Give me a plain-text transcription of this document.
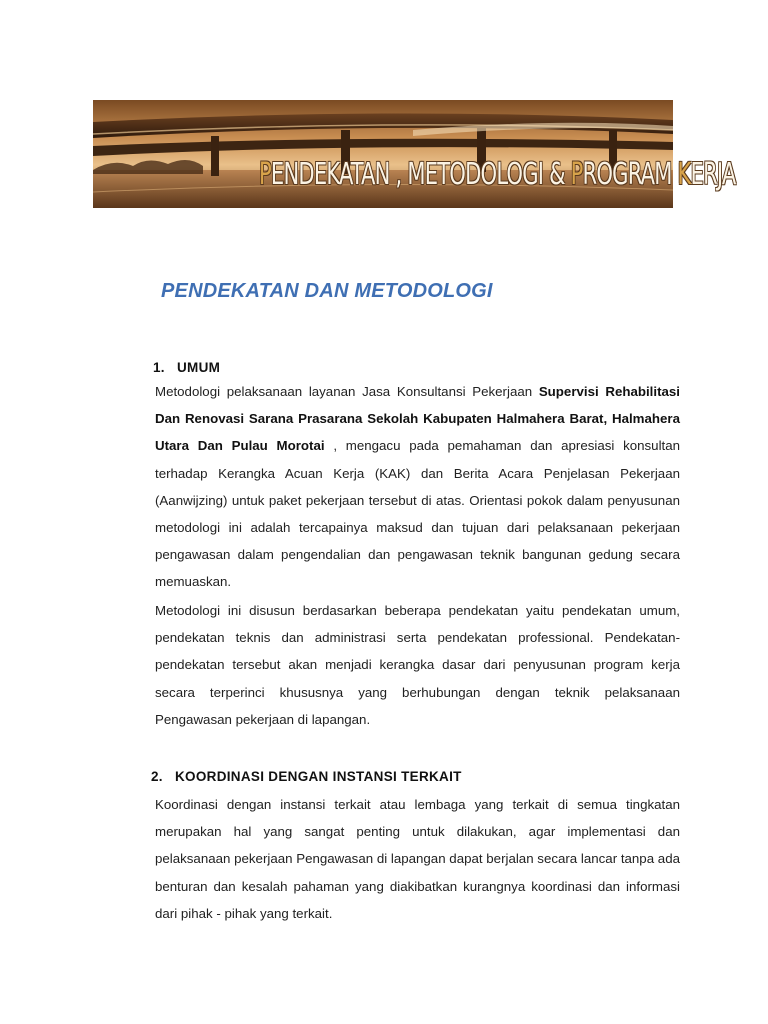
PENDEKATAN , METODOLOGI & PROGRAM KERJA
PENDEKATAN DAN METODOLOGI
1. UMUM
Metodologi pelaksanaan layanan Jasa Konsultansi Pekerjaan Supervisi Rehabilitasi Dan Renovasi Sarana Prasarana Sekolah Kabupaten Halmahera Barat, Halmahera Utara Dan Pulau Morotai , mengacu pada pemahaman dan apresiasi konsultan terhadap Kerangka Acuan Kerja (KAK) dan Berita Acara Penjelasan Pekerjaan (Aanwijzing) untuk paket pekerjaan tersebut di atas. Orientasi pokok dalam penyusunan metodologi ini adalah tercapainya maksud dan tujuan dari pelaksanaan pekerjaan pengawasan dalam pengendalian dan pengawasan teknik bangunan gedung secara memuaskan.
Metodologi ini disusun berdasarkan beberapa pendekatan yaitu pendekatan umum, pendekatan teknis dan administrasi serta pendekatan professional. Pendekatan-pendekatan tersebut akan menjadi kerangka dasar dari penyusunan program kerja secara terperinci khususnya yang berhubungan dengan teknik pelaksanaan Pengawasan pekerjaan di lapangan.
2. KOORDINASI DENGAN INSTANSI TERKAIT
Koordinasi dengan instansi terkait atau lembaga yang terkait di semua tingkatan merupakan hal yang sangat penting untuk dilakukan, agar implementasi dan pelaksanaan pekerjaan Pengawasan di lapangan dapat berjalan secara lancar tanpa ada benturan dan kesalah pahaman yang diakibatkan kurangnya koordinasi dan informasi dari pihak - pihak yang terkait.
